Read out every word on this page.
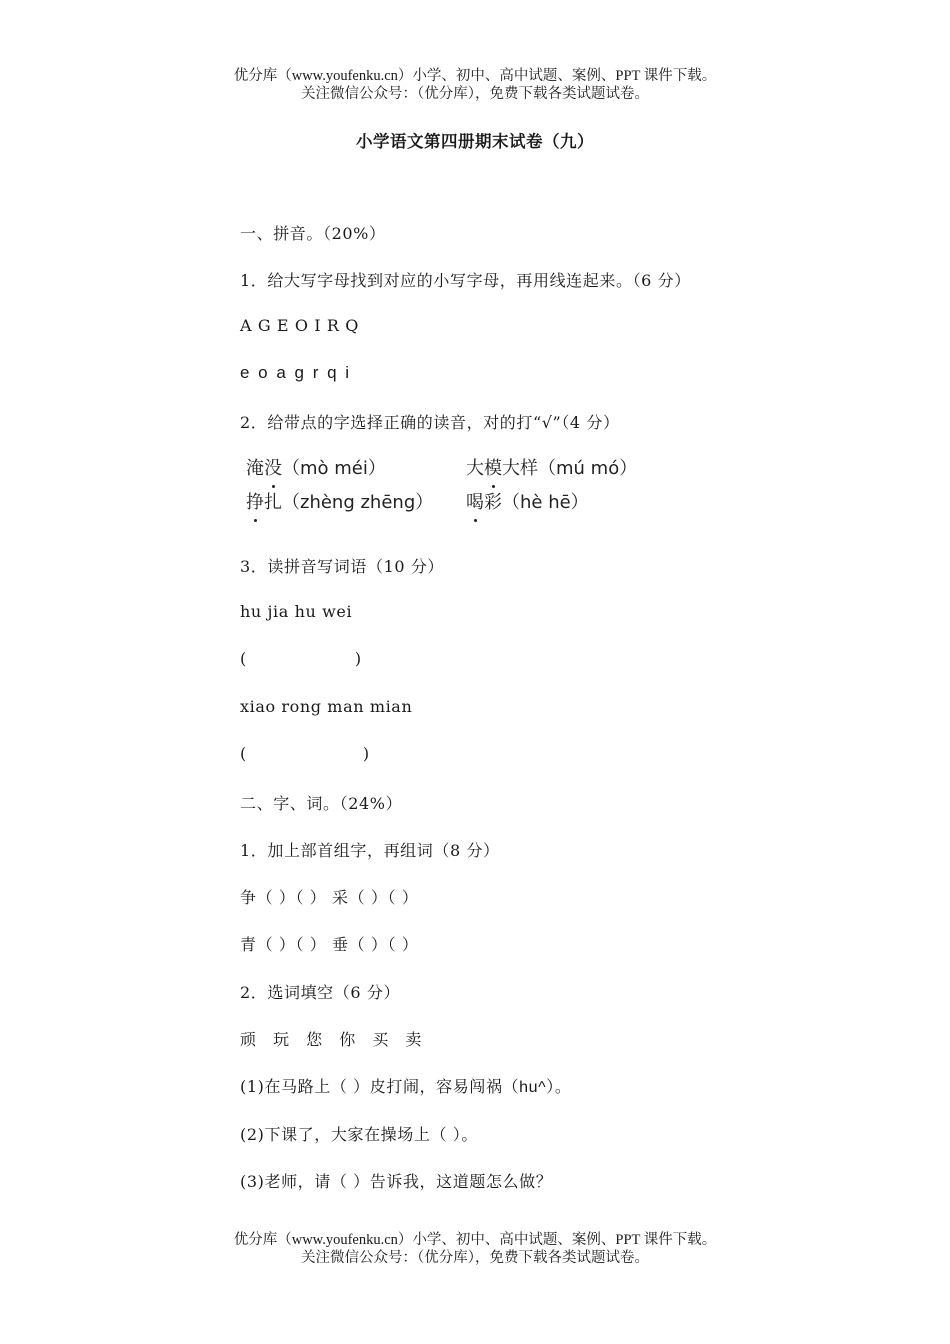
优分库（www.youfenku.cn）小学、初中、高中试题、案例、PPT 课件下载。
关注微信公众号：（优分库），免费下载各类试题试卷。
小学语文第四册期末试卷（九）
一、拼音。（20%）
1．给大写字母找到对应的小写字母，再用线连起来。（6 分）
A G E O I R Q
e o a g r q i
2．给带点的字选择正确的读音，对的打“√”（4 分）
淹没（mò méi）	大模大样（mú mó）
挣扎（zhèng zhēng） 喝彩（hè hē）
3．读拼音写词语（10 分）
hu jia hu wei
(	)
xiao rong man mian
(	)
二、字、词。（24%）
1．加上部首组字，再组词（8 分）
争（ ）（ ） 采（ ）（ ）
青（ ）（ ） 垂（ ）（ ）
2．选词填空（6 分）
顽 玩 您 你 买 卖
(1)在马路上（ ）皮打闹，容易闯祸（hu^）。
(2)下课了，大家在操场上（ ）。
(3)老师，请（ ）告诉我，这道题怎么做？
优分库（www.youfenku.cn）小学、初中、高中试题、案例、PPT 课件下载。
关注微信公众号：（优分库），免费下载各类试题试卷。
